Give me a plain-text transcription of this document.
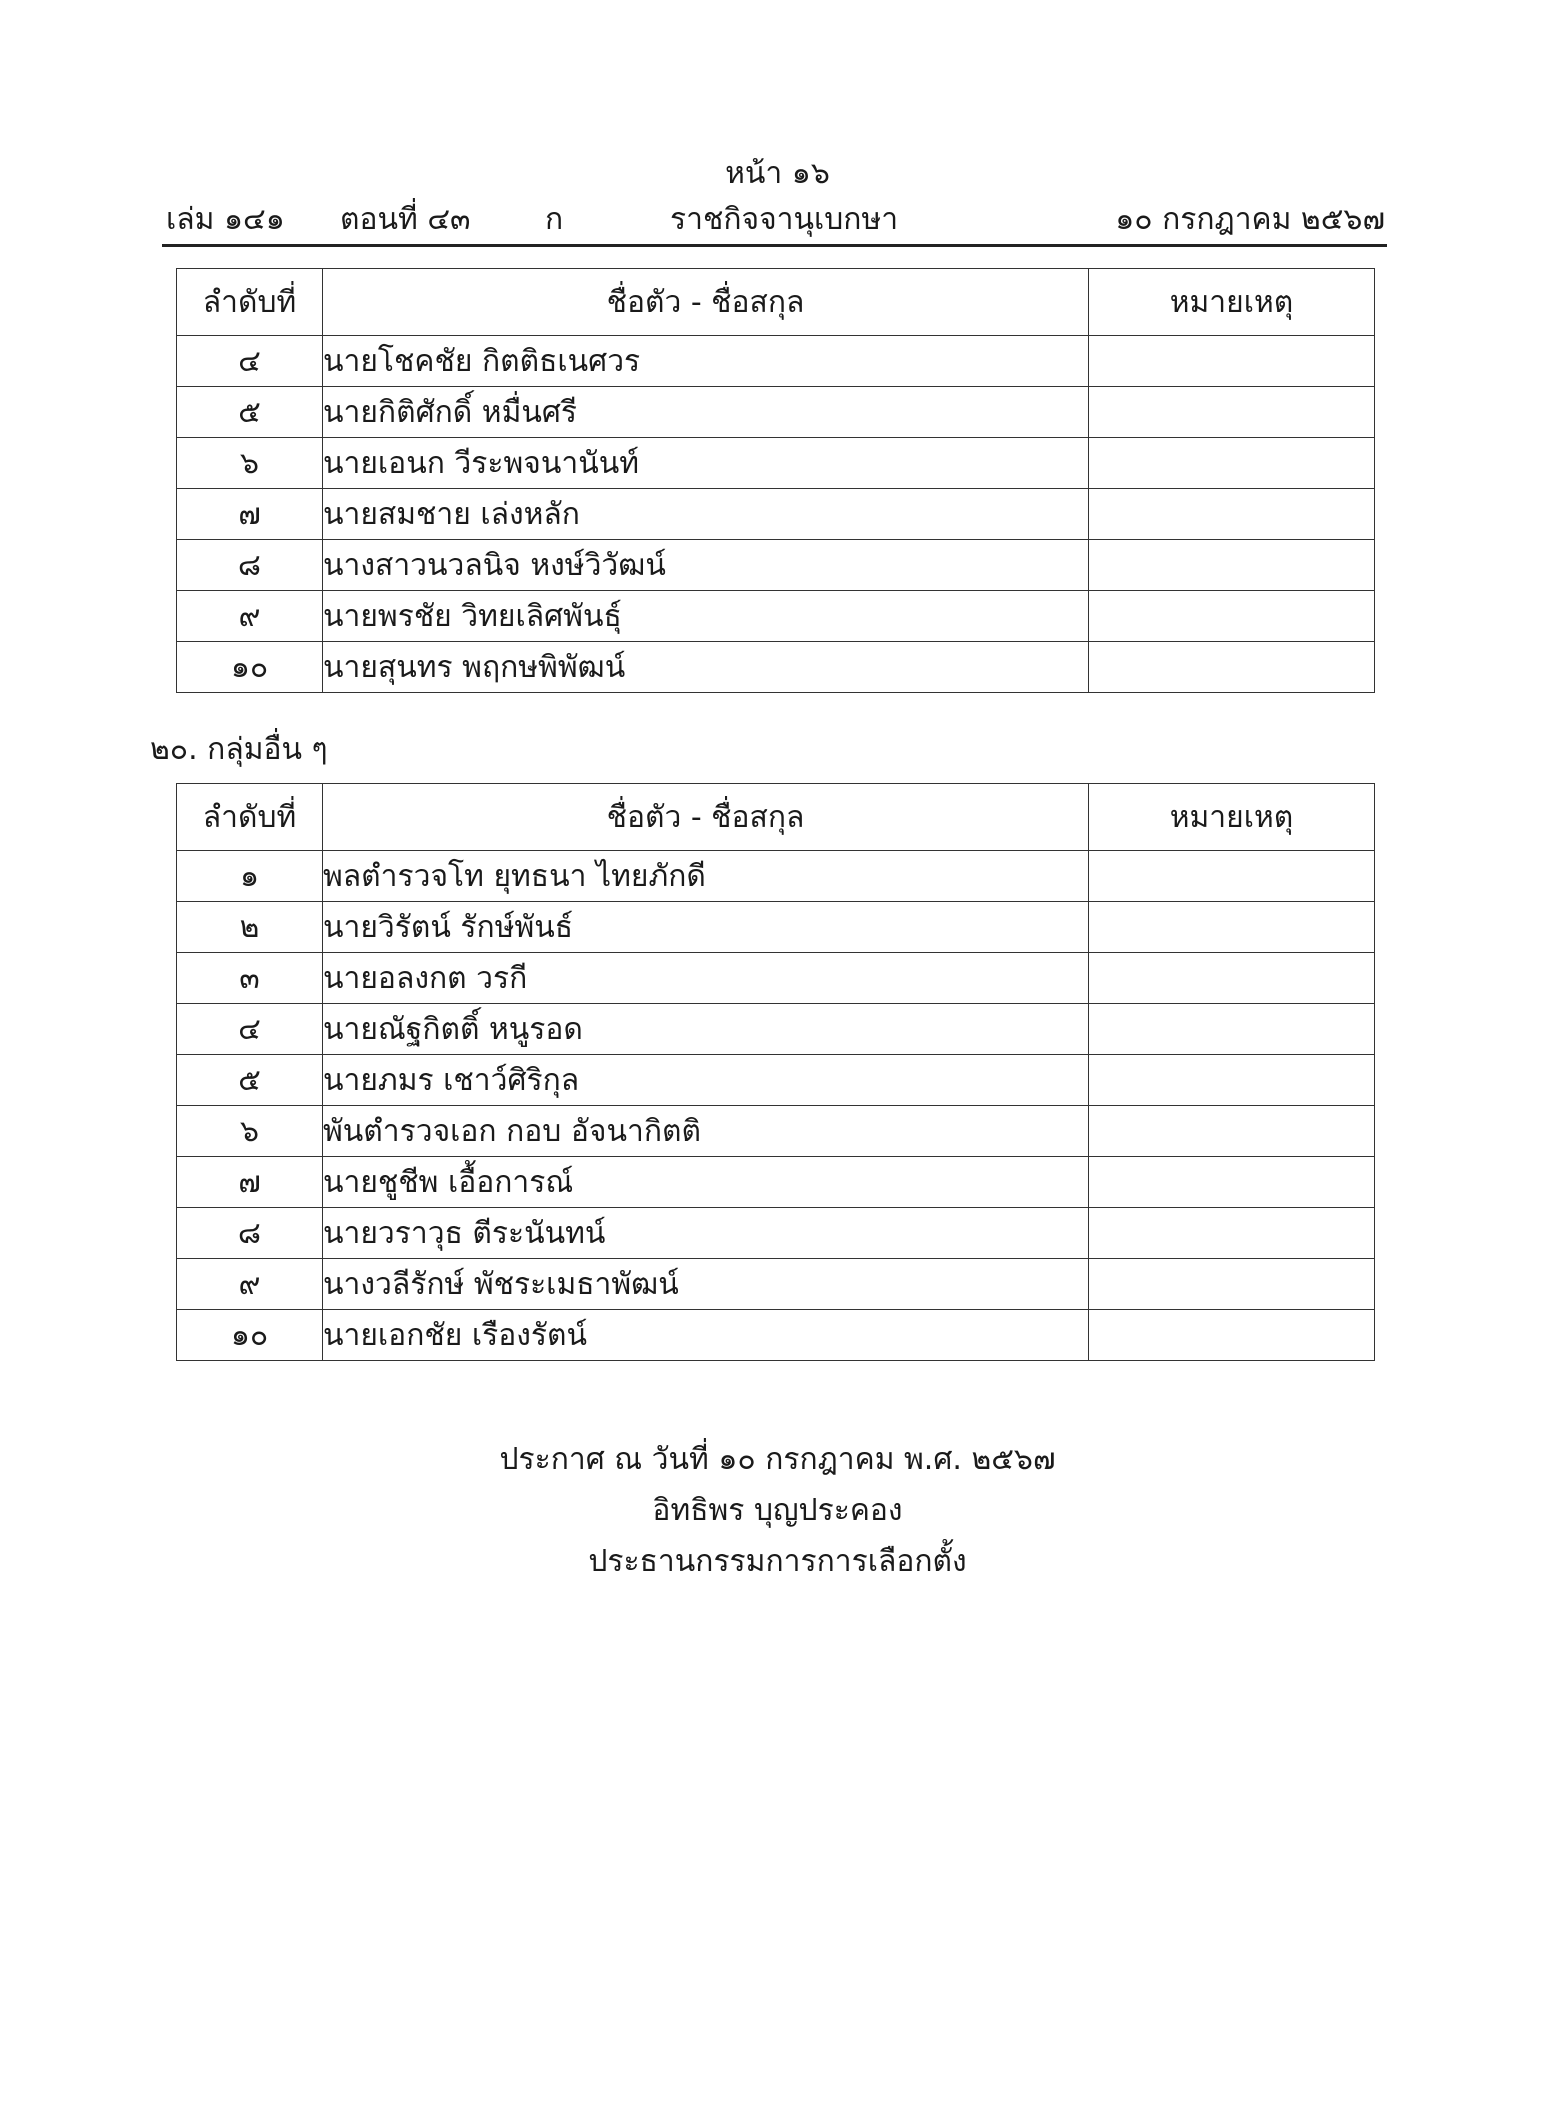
หน้า ๑๖
เล่ม ๑๔๑ ตอนที่ ๔๓ ก	ราชกิจจานุเบกษา	๑๐ กรกฎาคม ๒๕๖๗
ลำดับที่	ชื่อตัว - ชื่อสกุล	หมายเหตุ
๔	นายโชคชัย กิตติธเนศวร	
๕	นายกิติศักดิ์ หมื่นศรี	
๖	นายเอนก วีระพจนานันท์	
๗	นายสมชาย เล่งหลัก	
๘	นางสาวนวลนิจ หงษ์วิวัฒน์	
๙	นายพรชัย วิทยเลิศพันธุ์	
๑๐	นายสุนทร พฤกษพิพัฒน์	
๒๐. กลุ่มอื่น ๆ
ลำดับที่	ชื่อตัว - ชื่อสกุล	หมายเหตุ
๑	พลตำรวจโท ยุทธนา ไทยภักดี	
๒	นายวิรัตน์ รักษ์พันธ์	
๓	นายอลงกต วรกี	
๔	นายณัฐกิตติ์ หนูรอด	
๕	นายภมร เชาว์ศิริกุล	
๖	พันตำรวจเอก กอบ อัจนากิตติ	
๗	นายชูชีพ เอื้อการณ์	
๘	นายวราวุธ ตีระนันทน์	
๙	นางวลีรักษ์ พัชระเมธาพัฒน์	
๑๐	นายเอกชัย เรืองรัตน์	
ประกาศ ณ วันที่ ๑๐ กรกฎาคม พ.ศ. ๒๕๖๗
อิทธิพร บุญประคอง
ประธานกรรมการการเลือกตั้ง
